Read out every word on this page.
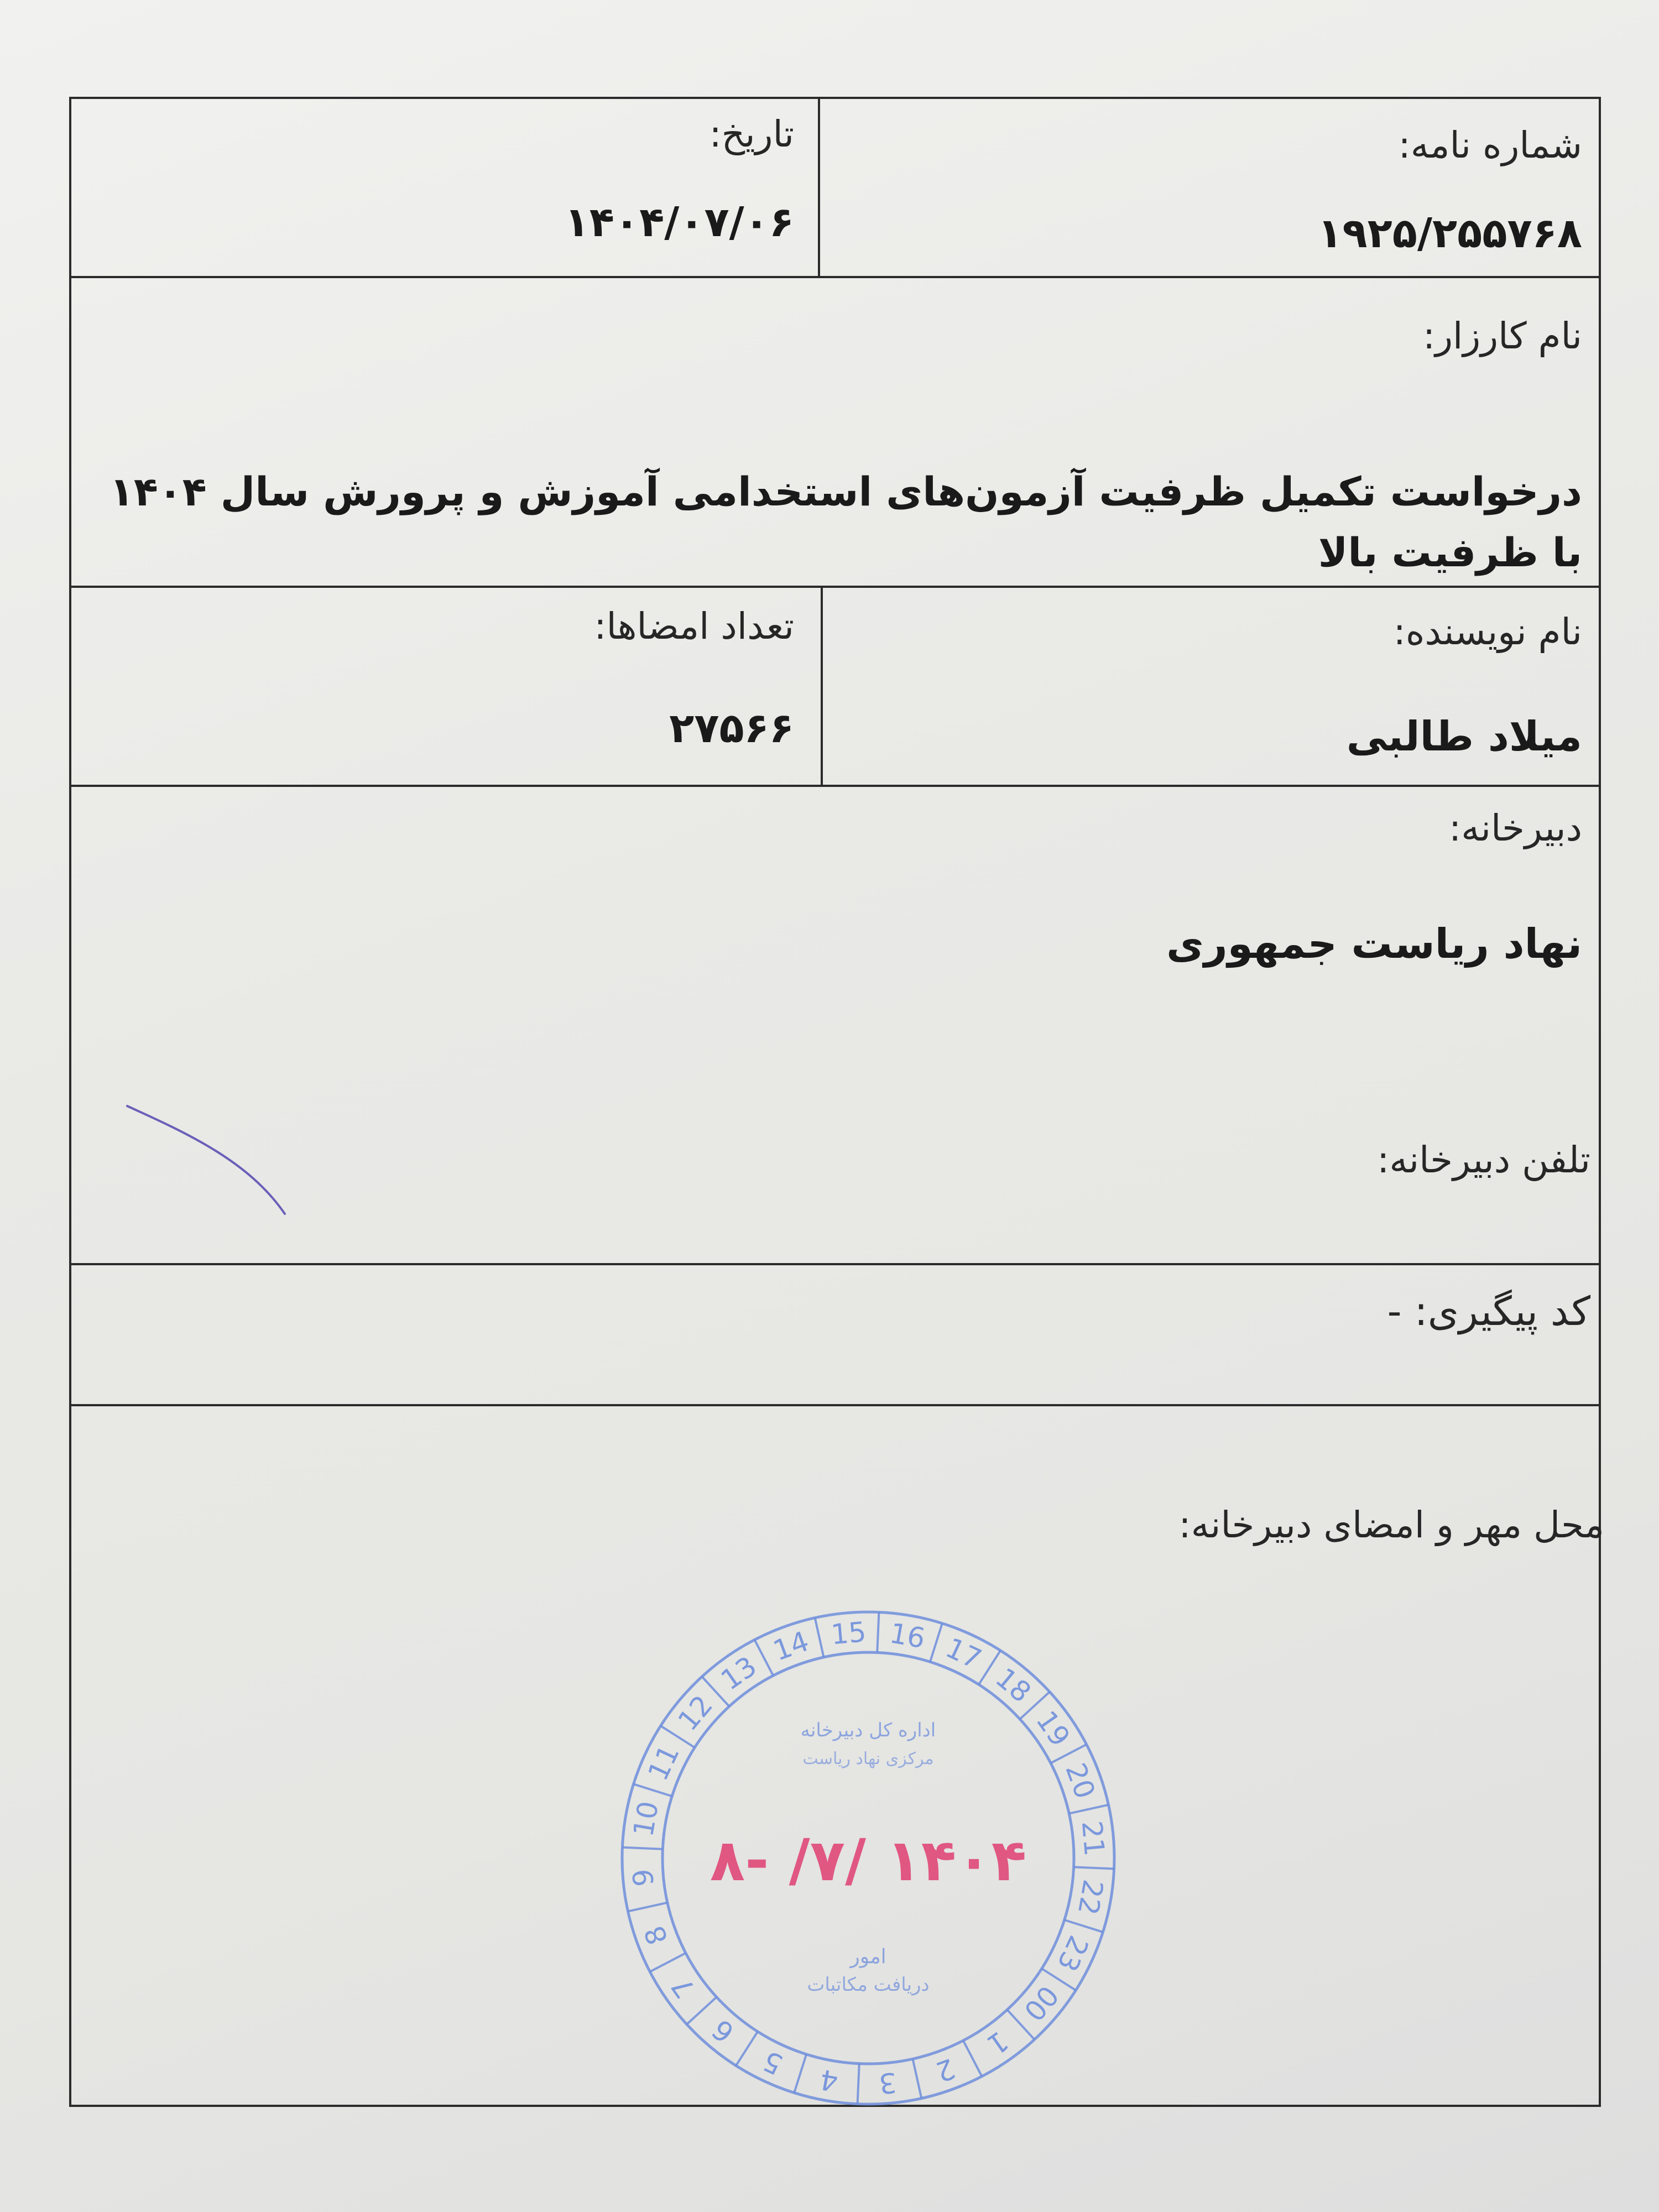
شماره نامه:
۱۹۲۵/۲۵۵۷۶۸
تاریخ:
۱۴۰۴/۰۷/۰۶
نام کارزار:
درخواست تکمیل ظرفیت آزمون‌های استخدامی آموزش و پرورش سال ۱۴۰۴ با ظرفیت بالا
نام نویسنده:
میلاد طالبی
تعداد امضاها:
۲۷۵۶۶
دبیرخانه:
نهاد ریاست جمهوری
تلفن دبیرخانه:
کد پیگیری: -
محل مهر و امضای دبیرخانه:
15 16 17
18
19
20
21
22
23
00
1
2
3
4
5
6
7
8
9
10
11
12
13
14
اداره کل دبیرخانه
مرکزی نهاد ریاست
۱۴۰۴ /۷/ -۸
امور
دریافت مکاتبات
